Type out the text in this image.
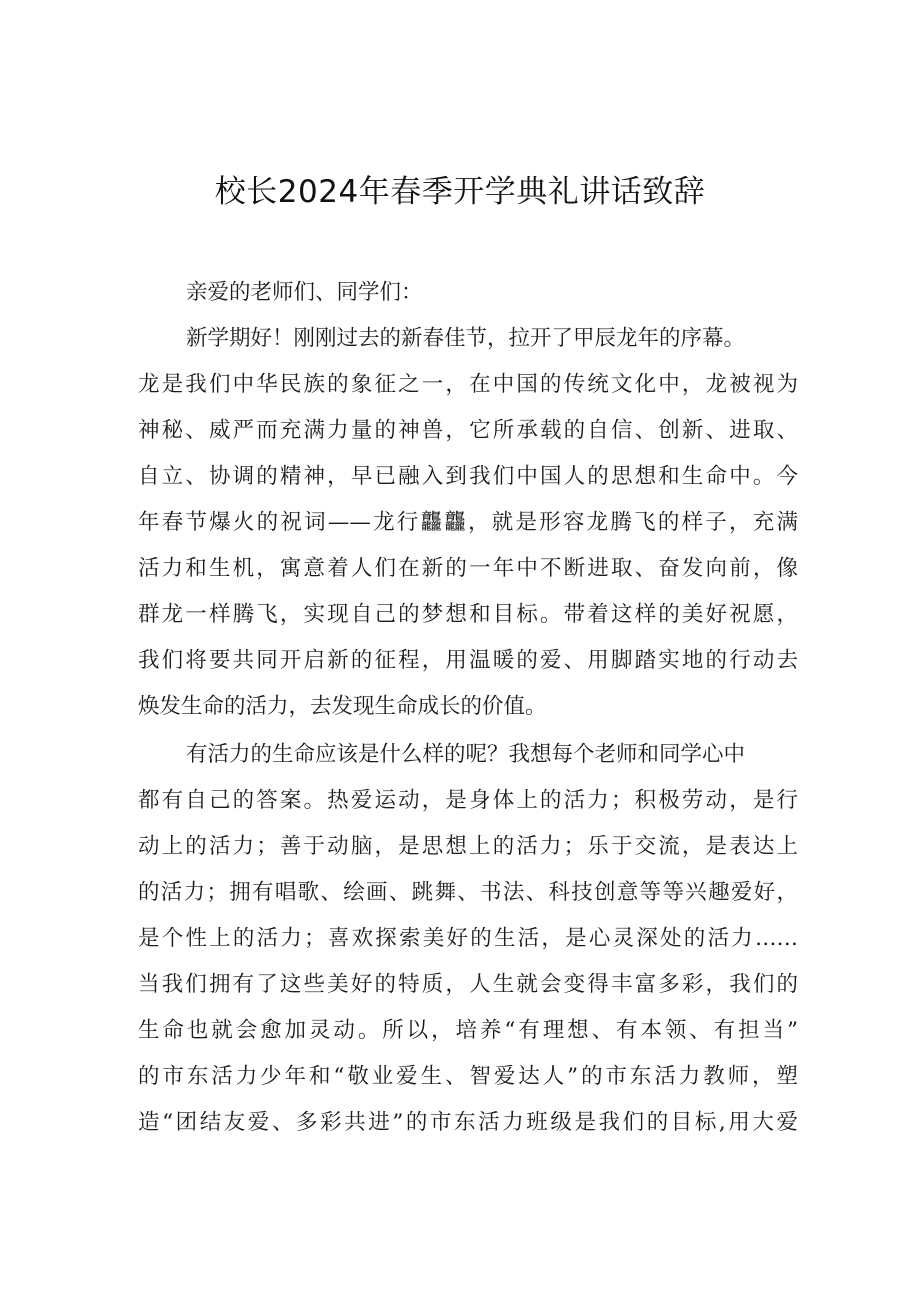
校长2024年春季开学典礼讲话致辞
亲爱的老师们、同学们：
新学期好！刚刚过去的新春佳节，拉开了甲辰龙年的序幕。
龙是我们中华民族的象征之一，在中国的传统文化中，龙被视为
神秘、威严而充满力量的神兽，它所承载的自信、创新、进取、
自立、协调的精神，早已融入到我们中国人的思想和生命中。今
年春节爆火的祝词——龙行龘龘，就是形容龙腾飞的样子，充满
活力和生机，寓意着人们在新的一年中不断进取、奋发向前，像
群龙一样腾飞，实现自己的梦想和目标。带着这样的美好祝愿，
我们将要共同开启新的征程，用温暖的爱、用脚踏实地的行动去
焕发生命的活力，去发现生命成长的价值。
有活力的生命应该是什么样的呢？我想每个老师和同学心中
都有自己的答案。热爱运动，是身体上的活力；积极劳动，是行
动上的活力；善于动脑，是思想上的活力；乐于交流，是表达上
的活力；拥有唱歌、绘画、跳舞、书法、科技创意等等兴趣爱好，
是个性上的活力；喜欢探索美好的生活，是心灵深处的活力……
当我们拥有了这些美好的特质，人生就会变得丰富多彩，我们的
生命也就会愈加灵动。所以，培养“有理想、有本领、有担当”
的市东活力少年和“敬业爱生、智爱达人”的市东活力教师，塑
造“团结友爱、多彩共进”的市东活力班级是我们的目标,用大爱
